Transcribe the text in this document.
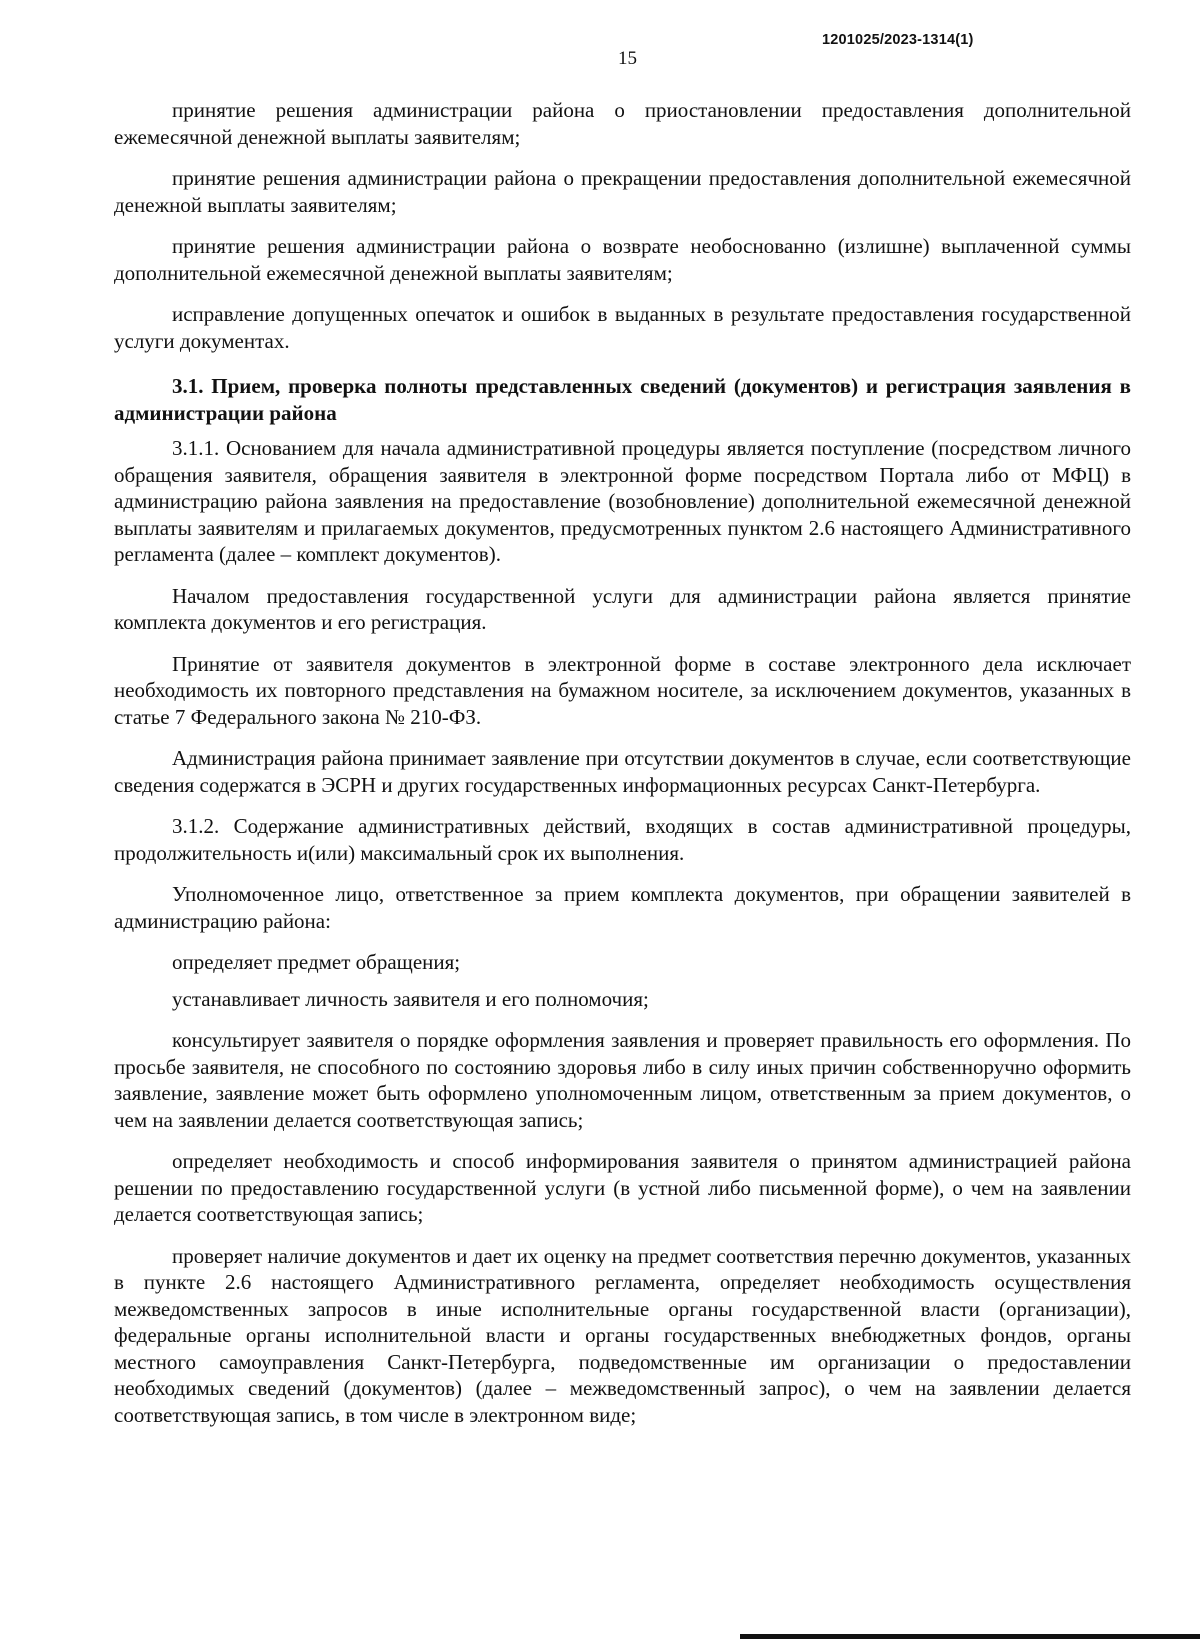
1201025/2023-1314(1)
15

принятие решения администрации района о приостановлении предоставления дополнительной ежемесячной денежной выплаты заявителям;

принятие решения администрации района о прекращении предоставления дополнительной ежемесячной денежной выплаты заявителям;

принятие решения администрации района о возврате необоснованно (излишне) выплаченной суммы дополнительной ежемесячной денежной выплаты заявителям;

исправление допущенных опечаток и ошибок в выданных в результате предоставления государственной услуги документах.

3.1. Прием, проверка полноты представленных сведений (документов) и регистрация заявления в администрации района

3.1.1. Основанием для начала административной процедуры является поступление (посредством личного обращения заявителя, обращения заявителя в электронной форме посредством Портала либо от МФЦ) в администрацию района заявления на предоставление (возобновление) дополнительной ежемесячной денежной выплаты заявителям и прилагаемых документов, предусмотренных пунктом 2.6 настоящего Административного регламента (далее – комплект документов).

Началом предоставления государственной услуги для администрации района является принятие комплекта документов и его регистрация.

Принятие от заявителя документов в электронной форме в составе электронного дела исключает необходимость их повторного представления на бумажном носителе, за исключением документов, указанных в статье 7 Федерального закона № 210-ФЗ.

Администрация района принимает заявление при отсутствии документов в случае, если соответствующие сведения содержатся в ЭСРН и других государственных информационных ресурсах Санкт-Петербурга.

3.1.2. Содержание административных действий, входящих в состав административной процедуры, продолжительность и(или) максимальный срок их выполнения.

Уполномоченное лицо, ответственное за прием комплекта документов, при обращении заявителей в администрацию района:

определяет предмет обращения;

устанавливает личность заявителя и его полномочия;

консультирует заявителя о порядке оформления заявления и проверяет правильность его оформления. По просьбе заявителя, не способного по состоянию здоровья либо в силу иных причин собственноручно оформить заявление, заявление может быть оформлено уполномоченным лицом, ответственным за прием документов, о чем на заявлении делается соответствующая запись;

определяет необходимость и способ информирования заявителя о принятом администрацией района решении по предоставлению государственной услуги (в устной либо письменной форме), о чем на заявлении делается соответствующая запись;

проверяет наличие документов и дает их оценку на предмет соответствия перечню документов, указанных в пункте 2.6 настоящего Административного регламента, определяет необходимость осуществления межведомственных запросов в иные исполнительные органы государственной власти (организации), федеральные органы исполнительной власти и органы государственных внебюджетных фондов, органы местного самоуправления Санкт-Петербурга, подведомственные им организации о предоставлении необходимых сведений (документов) (далее – межведомственный запрос), о чем на заявлении делается соответствующая запись, в том числе в электронном виде;
